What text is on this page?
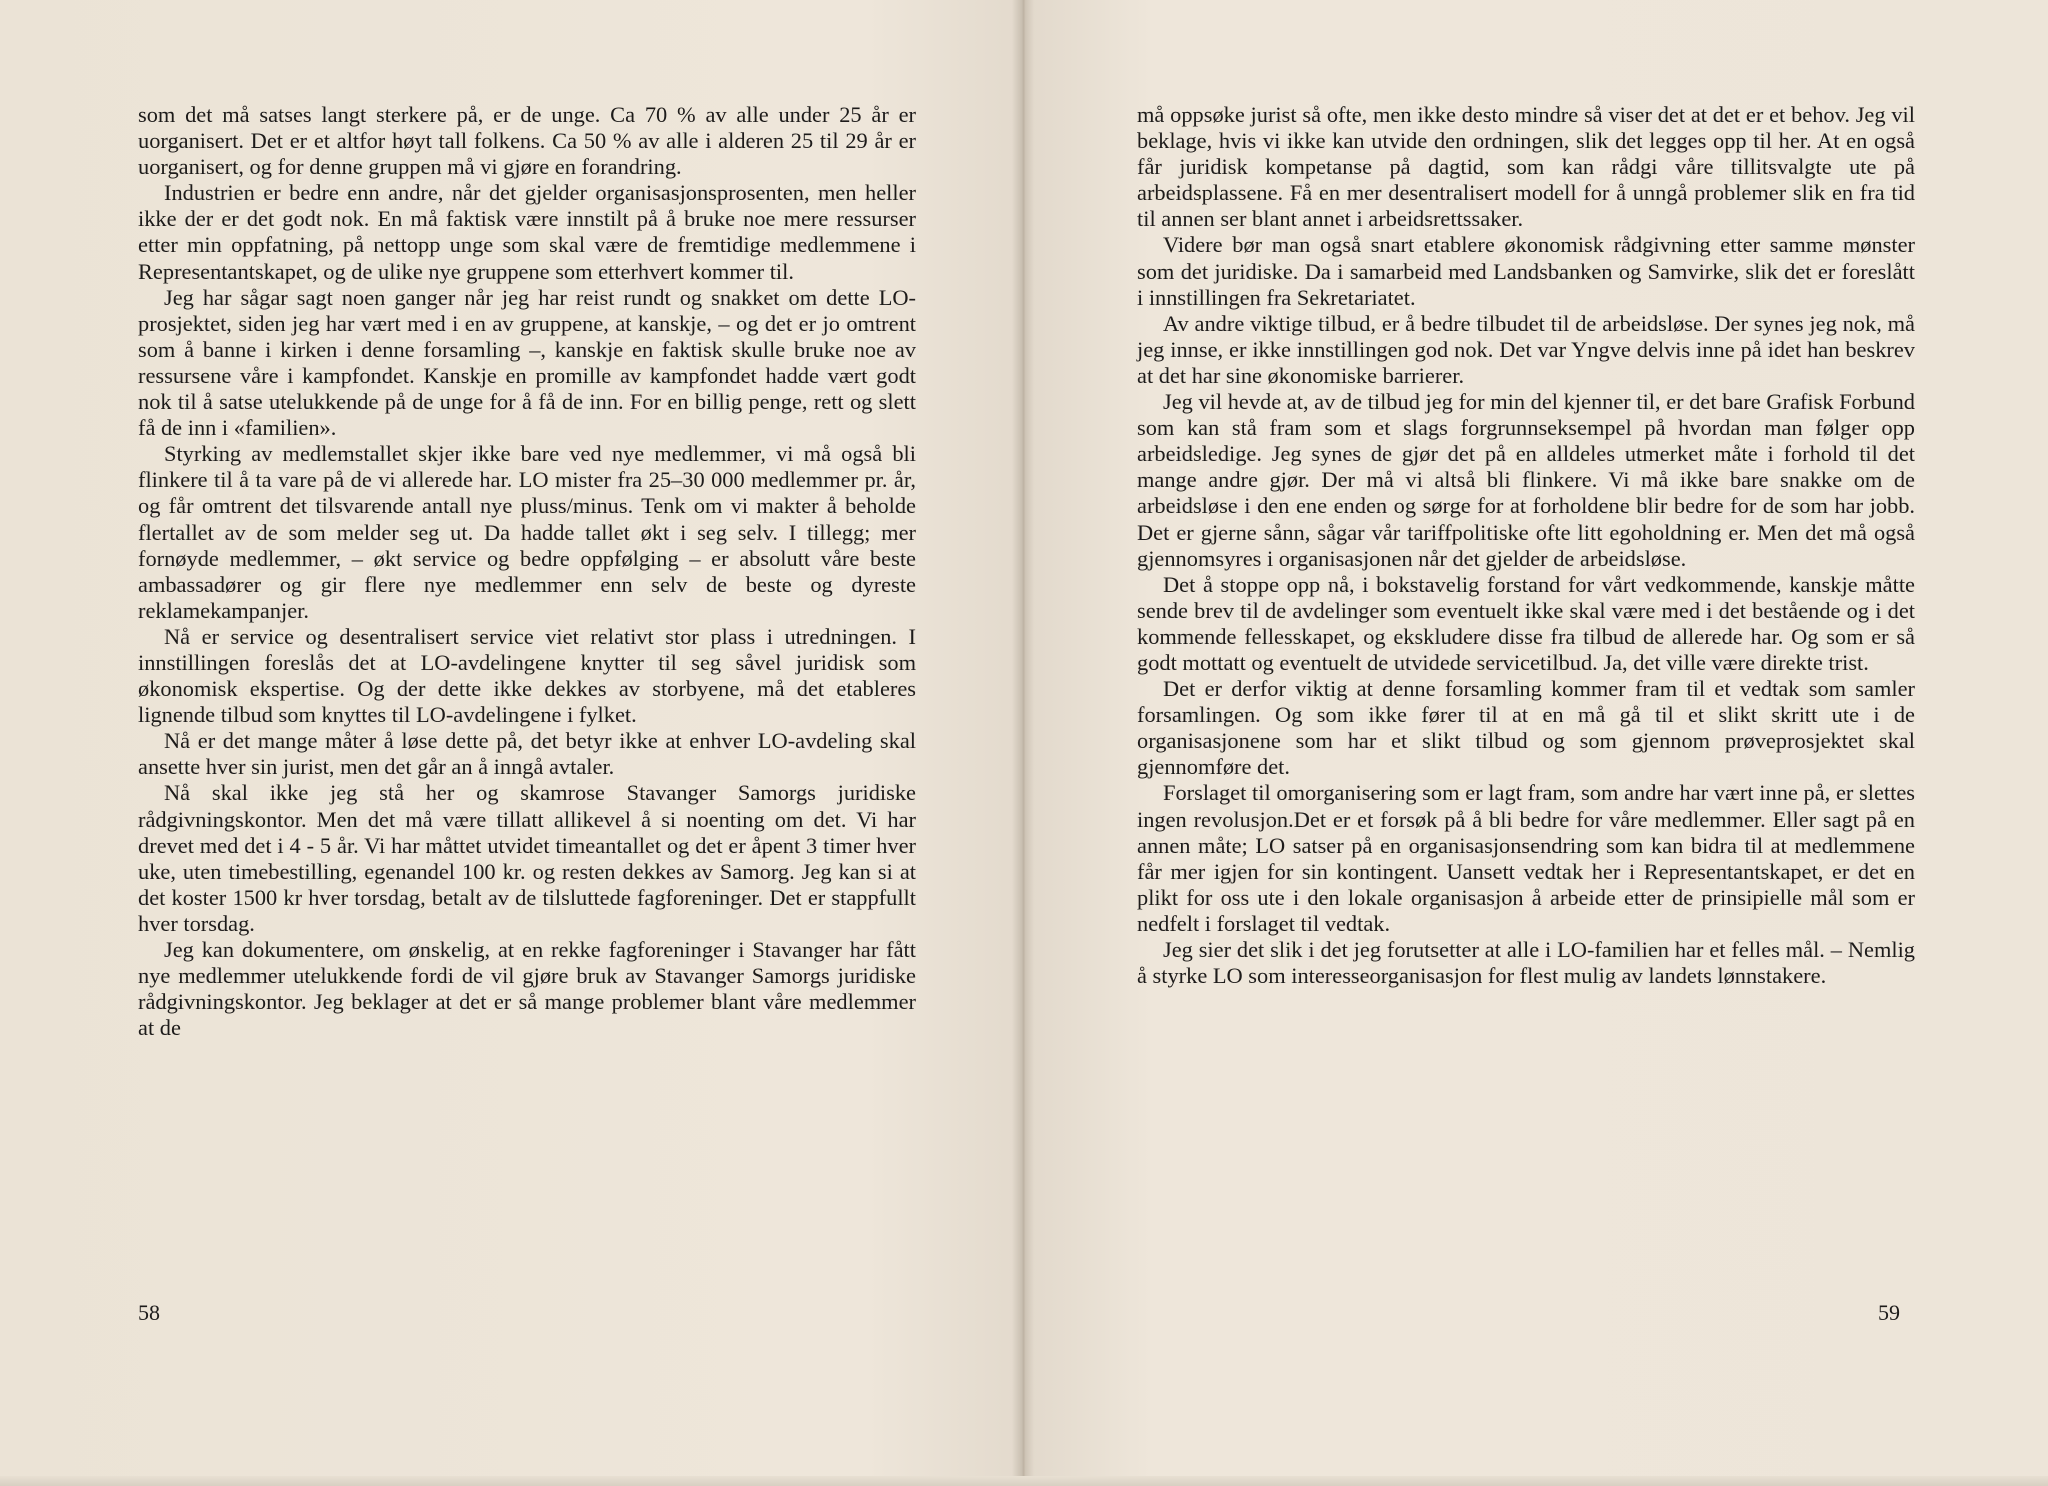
som det må satses langt sterkere på, er de unge. Ca 70 % av alle under 25 år er uorganisert. Det er et altfor høyt tall folkens. Ca 50 % av alle i alderen 25 til 29 år er uorganisert, og for denne gruppen må vi gjøre en forandring.

Industrien er bedre enn andre, når det gjelder organisasjonsprosenten, men heller ikke der er det godt nok. En må faktisk være innstilt på å bruke noe mere ressurser etter min oppfatning, på nettopp unge som skal være de fremtidige medlemmene i Representantskapet, og de ulike nye gruppene som etterhvert kommer til.

Jeg har sågar sagt noen ganger når jeg har reist rundt og snakket om dette LO-prosjektet, siden jeg har vært med i en av gruppene, at kanskje, – og det er jo omtrent som å banne i kirken i denne forsamling –, kanskje en faktisk skulle bruke noe av ressursene våre i kampfondet. Kanskje en promille av kampfondet hadde vært godt nok til å satse utelukkende på de unge for å få de inn. For en billig penge, rett og slett få de inn i «familien».

Styrking av medlemstallet skjer ikke bare ved nye medlemmer, vi må også bli flinkere til å ta vare på de vi allerede har. LO mister fra 25–30 000 medlemmer pr. år, og får omtrent det tilsvarende antall nye pluss/minus. Tenk om vi makter å beholde flertallet av de som melder seg ut. Da hadde tallet økt i seg selv. I tillegg; mer fornøyde medlemmer, – økt service og bedre oppfølging – er absolutt våre beste ambassadører og gir flere nye medlemmer enn selv de beste og dyreste reklamekampanjer.

Nå er service og desentralisert service viet relativt stor plass i utredningen. I innstillingen foreslås det at LO-avdelingene knytter til seg såvel juridisk som økonomisk ekspertise. Og der dette ikke dekkes av storbyene, må det etableres lignende tilbud som knyttes til LO-avdelingene i fylket.

Nå er det mange måter å løse dette på, det betyr ikke at enhver LO-avdeling skal ansette hver sin jurist, men det går an å inngå avtaler.

Nå skal ikke jeg stå her og skamrose Stavanger Samorgs juridiske rådgivningskontor. Men det må være tillatt allikevel å si noenting om det. Vi har drevet med det i 4 - 5 år. Vi har måttet utvidet timeantallet og det er åpent 3 timer hver uke, uten timebestilling, egenandel 100 kr. og resten dekkes av Samorg. Jeg kan si at det koster 1500 kr hver torsdag, betalt av de tilsluttede fagforeninger. Det er stappfullt hver torsdag.

Jeg kan dokumentere, om ønskelig, at en rekke fagforeninger i Stavanger har fått nye medlemmer utelukkende fordi de vil gjøre bruk av Stavanger Samorgs juridiske rådgivningskontor. Jeg beklager at det er så mange problemer blant våre medlemmer at de

58

må oppsøke jurist så ofte, men ikke desto mindre så viser det at det er et behov. Jeg vil beklage, hvis vi ikke kan utvide den ordningen, slik det legges opp til her. At en også får juridisk kompetanse på dagtid, som kan rådgi våre tillitsvalgte ute på arbeidsplassene. Få en mer desentralisert modell for å unngå problemer slik en fra tid til annen ser blant annet i arbeidsrettssaker.

Videre bør man også snart etablere økonomisk rådgivning etter samme mønster som det juridiske. Da i samarbeid med Landsbanken og Samvirke, slik det er foreslått i innstillingen fra Sekretariatet.

Av andre viktige tilbud, er å bedre tilbudet til de arbeidsløse. Der synes jeg nok, må jeg innse, er ikke innstillingen god nok. Det var Yngve delvis inne på idet han beskrev at det har sine økonomiske barrierer.

Jeg vil hevde at, av de tilbud jeg for min del kjenner til, er det bare Grafisk Forbund som kan stå fram som et slags forgrunnseksempel på hvordan man følger opp arbeidsledige. Jeg synes de gjør det på en alldeles utmerket måte i forhold til det mange andre gjør. Der må vi altså bli flinkere. Vi må ikke bare snakke om de arbeidsløse i den ene enden og sørge for at forholdene blir bedre for de som har jobb. Det er gjerne sånn, sågar vår tariffpolitiske ofte litt egoholdning er. Men det må også gjennomsyres i organisasjonen når det gjelder de arbeidsløse.

Det å stoppe opp nå, i bokstavelig forstand for vårt vedkommende, kanskje måtte sende brev til de avdelinger som eventuelt ikke skal være med i det bestående og i det kommende fellesskapet, og ekskludere disse fra tilbud de allerede har. Og som er så godt mottatt og eventuelt de utvidede servicetilbud. Ja, det ville være direkte trist.

Det er derfor viktig at denne forsamling kommer fram til et vedtak som samler forsamlingen. Og som ikke fører til at en må gå til et slikt skritt ute i de organisasjonene som har et slikt tilbud og som gjennom prøveprosjektet skal gjennomføre det.

Forslaget til omorganisering som er lagt fram, som andre har vært inne på, er slettes ingen revolusjon.Det er et forsøk på å bli bedre for våre medlemmer. Eller sagt på en annen måte; LO satser på en organisasjonsendring som kan bidra til at medlemmene får mer igjen for sin kontingent. Uansett vedtak her i Representantskapet, er det en plikt for oss ute i den lokale organisasjon å arbeide etter de prinsipielle mål som er nedfelt i forslaget til vedtak.

Jeg sier det slik i det jeg forutsetter at alle i LO-familien har et felles mål. – Nemlig å styrke LO som interesseorganisasjon for flest mulig av landets lønnstakere.

59
